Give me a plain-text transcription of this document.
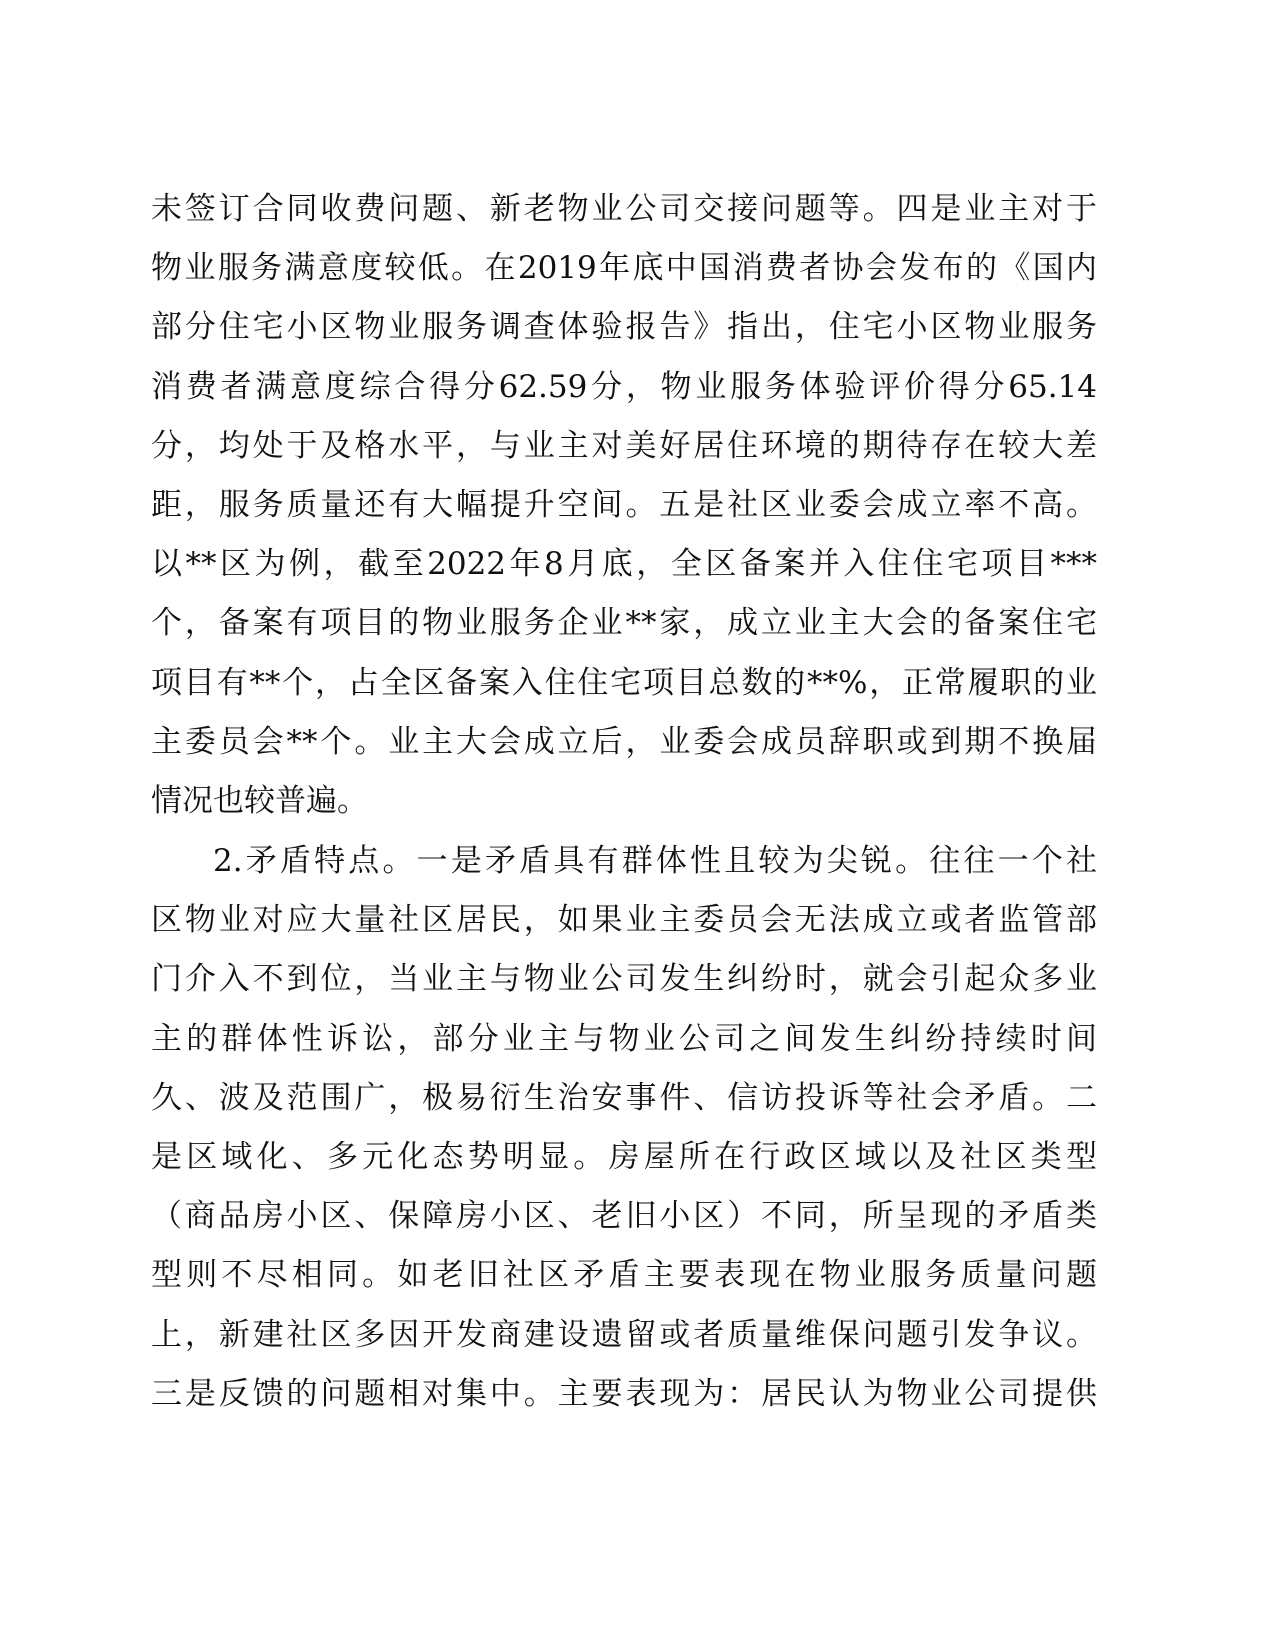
未签订合同收费问题、新老物业公司交接问题等。四是业主对于
物业服务满意度较低。在2019年底中国消费者协会发布的《国内
部分住宅小区物业服务调查体验报告》指出，住宅小区物业服务
消费者满意度综合得分62.59分，物业服务体验评价得分65.14
分，均处于及格水平，与业主对美好居住环境的期待存在较大差
距，服务质量还有大幅提升空间。五是社区业委会成立率不高。
以**区为例，截至2022年8月底，全区备案并入住住宅项目***
个，备案有项目的物业服务企业**家，成立业主大会的备案住宅
项目有**个，占全区备案入住住宅项目总数的**%，正常履职的业
主委员会**个。业主大会成立后，业委会成员辞职或到期不换届
情况也较普遍。
2.矛盾特点。一是矛盾具有群体性且较为尖锐。往往一个社
区物业对应大量社区居民，如果业主委员会无法成立或者监管部
门介入不到位，当业主与物业公司发生纠纷时，就会引起众多业
主的群体性诉讼，部分业主与物业公司之间发生纠纷持续时间
久、波及范围广，极易衍生治安事件、信访投诉等社会矛盾。二
是区域化、多元化态势明显。房屋所在行政区域以及社区类型
（商品房小区、保障房小区、老旧小区）不同，所呈现的矛盾类
型则不尽相同。如老旧社区矛盾主要表现在物业服务质量问题
上，新建社区多因开发商建设遗留或者质量维保问题引发争议。
三是反馈的问题相对集中。主要表现为：居民认为物业公司提供
